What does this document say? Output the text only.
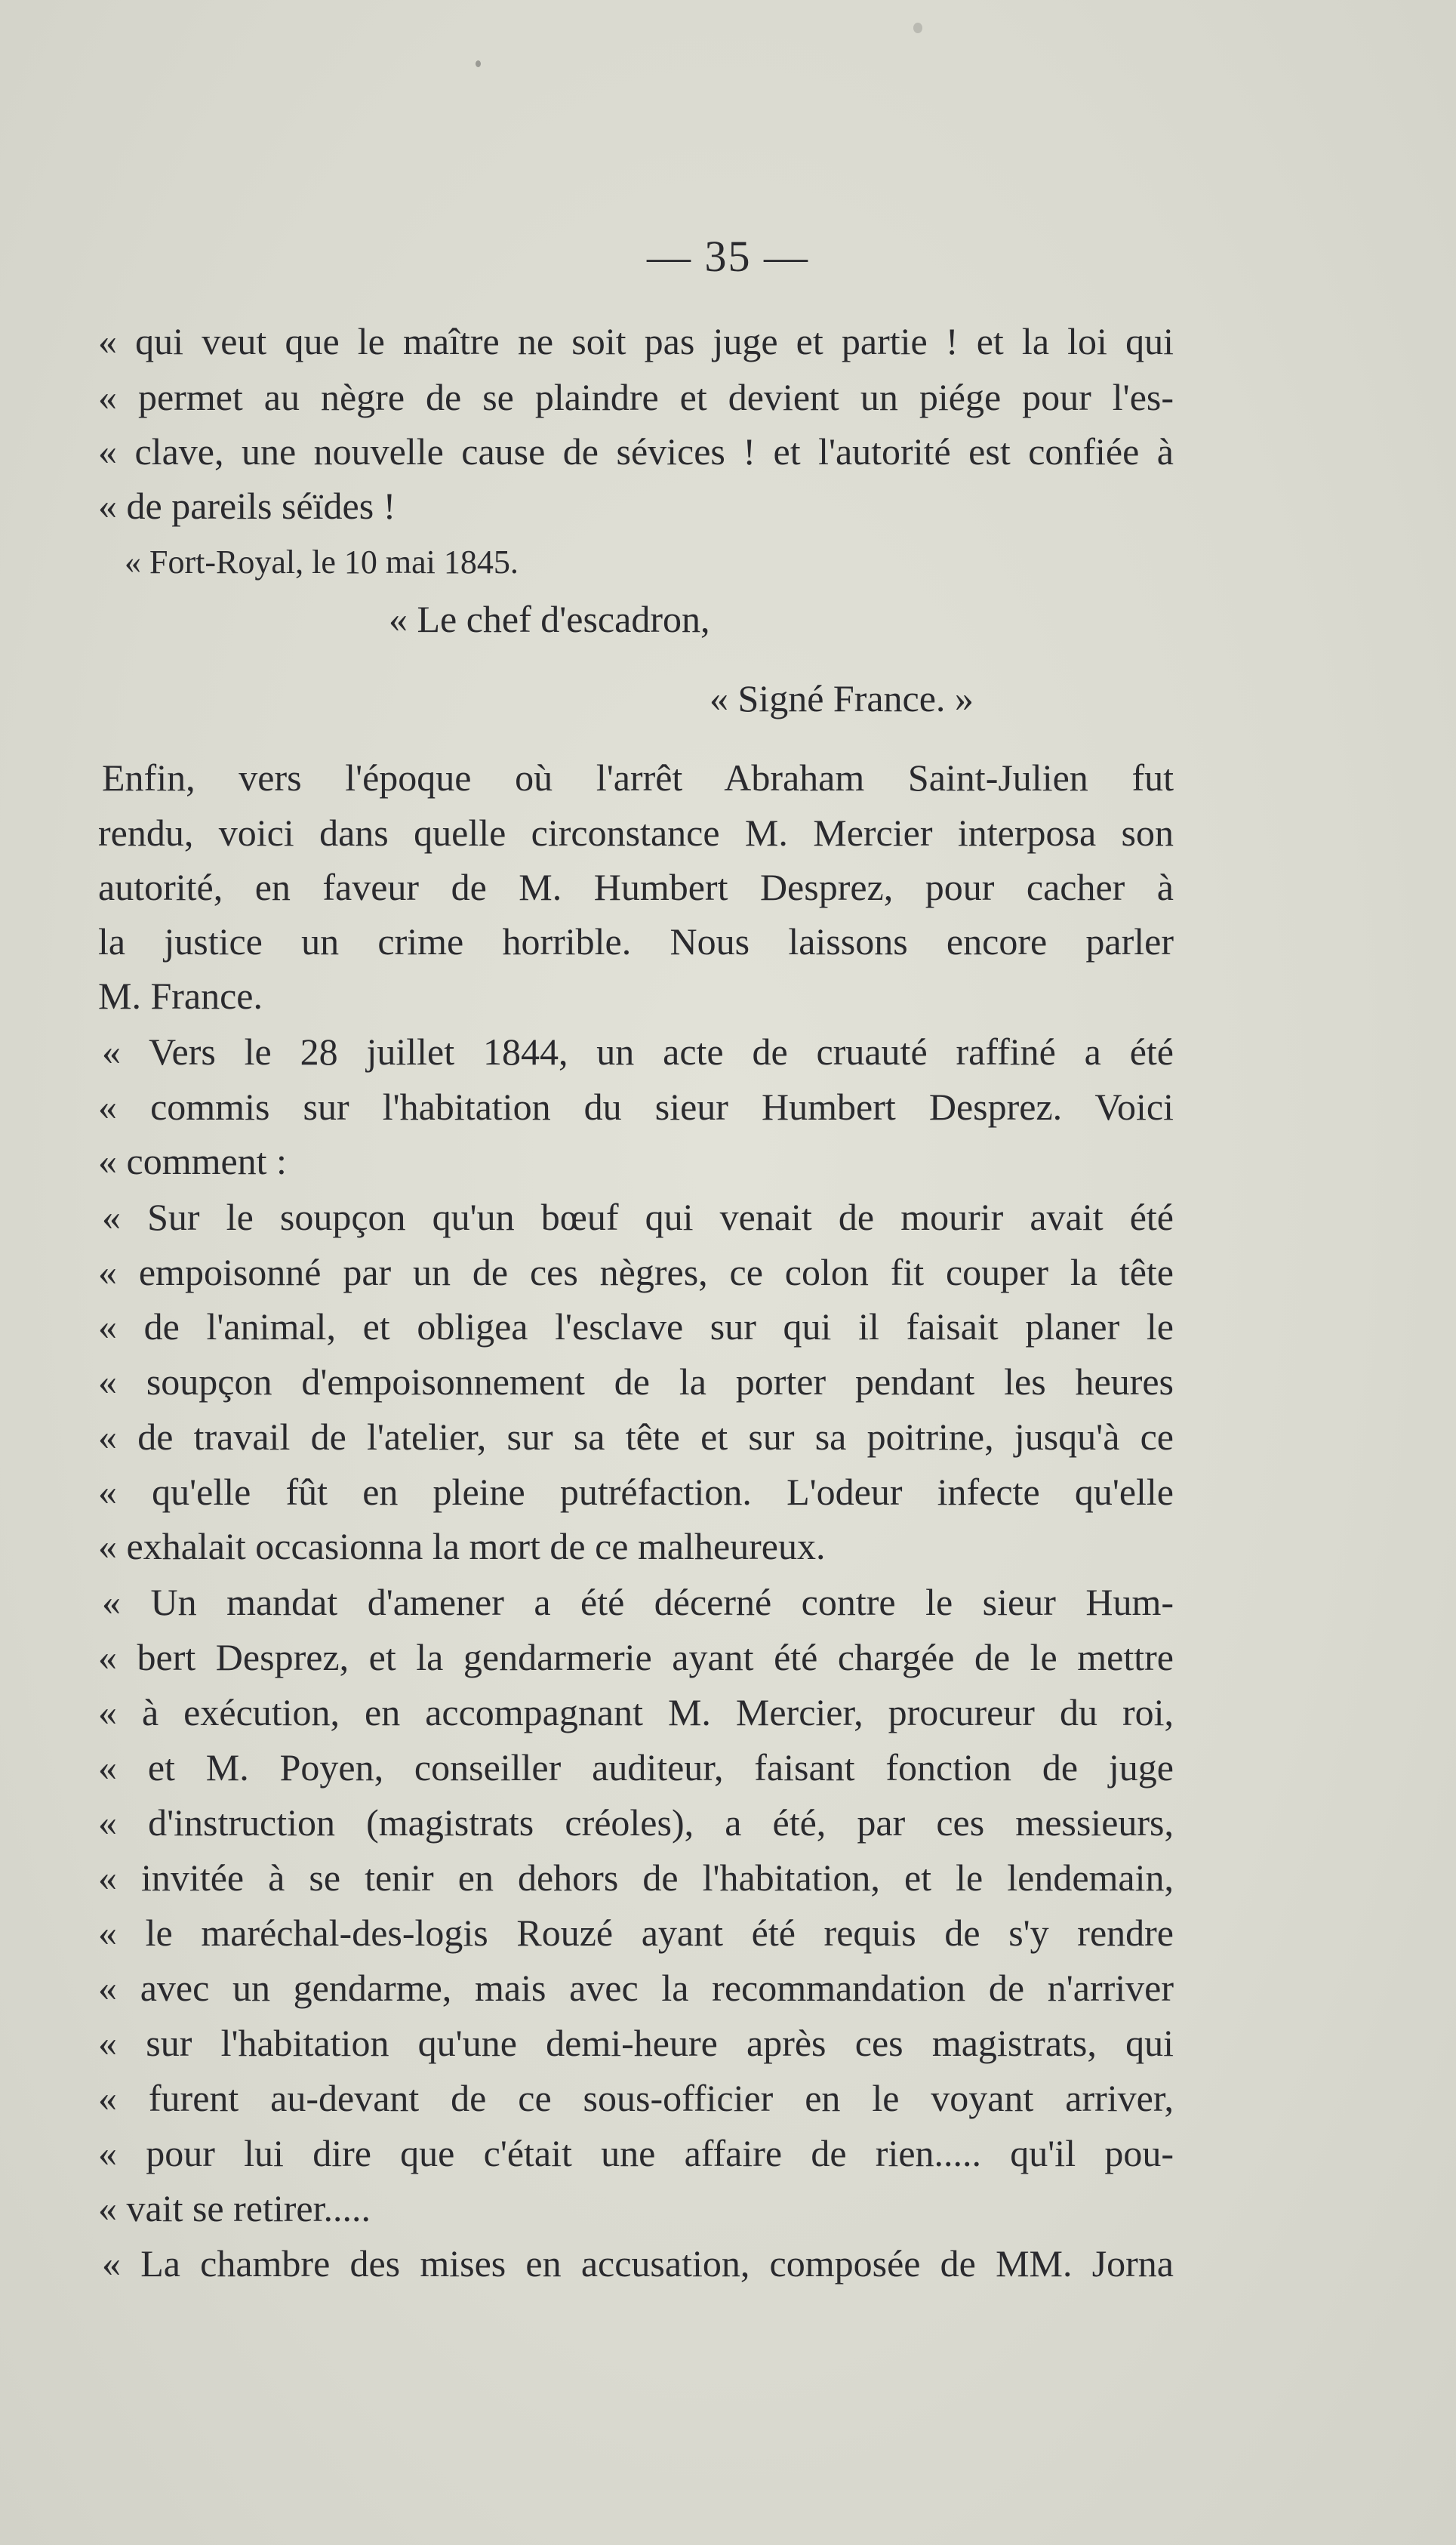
— 35 —
« qui veut que le maître ne soit pas juge et partie ! et la loi qui
« permet au nègre de se plaindre et devient un piége pour l'es-
« clave, une nouvelle cause de sévices ! et l'autorité est confiée à
« de pareils séïdes !
« Fort-Royal, le 10 mai 1845.
« Le chef d'escadron,
« Signé France. »
Enfin, vers l'époque où l'arrêt Abraham Saint-Julien fut
rendu, voici dans quelle circonstance M. Mercier interposa son
autorité, en faveur de M. Humbert Desprez, pour cacher à
la justice un crime horrible. Nous laissons encore parler
M. France.
« Vers le 28 juillet 1844, un acte de cruauté raffiné a été
« commis sur l'habitation du sieur Humbert Desprez. Voici
« comment :
« Sur le soupçon qu'un bœuf qui venait de mourir avait été
« empoisonné par un de ces nègres, ce colon fit couper la tête
« de l'animal, et obligea l'esclave sur qui il faisait planer le
« soupçon d'empoisonnement de la porter pendant les heures
« de travail de l'atelier, sur sa tête et sur sa poitrine, jusqu'à ce
« qu'elle fût en pleine putréfaction. L'odeur infecte qu'elle
« exhalait occasionna la mort de ce malheureux.
« Un mandat d'amener a été décerné contre le sieur Hum-
« bert Desprez, et la gendarmerie ayant été chargée de le mettre
« à exécution, en accompagnant M. Mercier, procureur du roi,
« et M. Poyen, conseiller auditeur, faisant fonction de juge
« d'instruction (magistrats créoles), a été, par ces messieurs,
« invitée à se tenir en dehors de l'habitation, et le lendemain,
« le maréchal-des-logis Rouzé ayant été requis de s'y rendre
« avec un gendarme, mais avec la recommandation de n'arriver
« sur l'habitation qu'une demi-heure après ces magistrats, qui
« furent au-devant de ce sous-officier en le voyant arriver,
« pour lui dire que c'était une affaire de rien..... qu'il pou-
« vait se retirer.....
« La chambre des mises en accusation, composée de MM. Jorna
